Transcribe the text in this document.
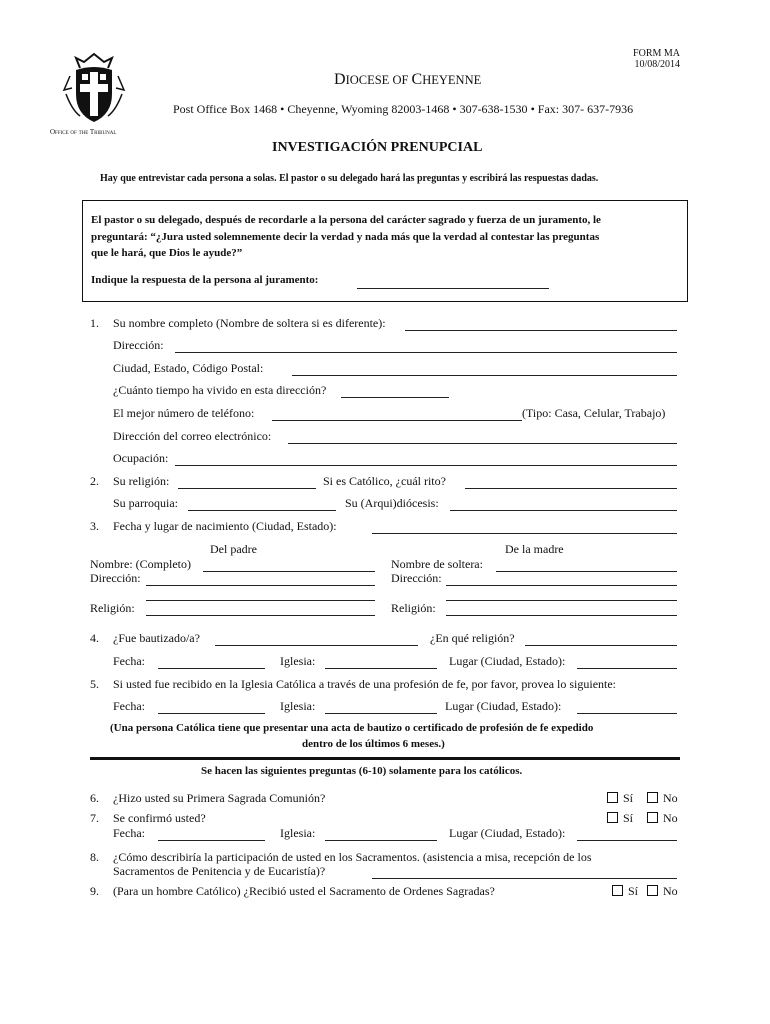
FORM MA
10/08/2014
DIOCESE OF CHEYENNE
Post Office Box 1468 • Cheyenne, Wyoming 82003-1468 • 307-638-1530 • Fax: 307- 637-7936
Office of the Tribunal
INVESTIGACIÓN PRENUPCIAL
Hay que entrevistar cada persona a solas. El pastor o su delegado hará las preguntas y escribirá las respuestas dadas.
El pastor o su delegado, después de recordarle a la persona del carácter sagrado y fuerza de un juramento, le
preguntará: “¿Jura usted solemnemente decir la verdad y nada más que la verdad al contestar las preguntas
que le hará, que Dios le ayude?”
Indique la respuesta de la persona al juramento:
1. Su nombre completo (Nombre de soltera si es diferente):
Dirección:
Ciudad, Estado, Código Postal:
¿Cuánto tiempo ha vivido en esta dirección?
El mejor número de teléfono:	(Tipo: Casa, Celular, Trabajo)
Dirección del correo electrónico:
Ocupación:
2. Su religión:	Si es Católico, ¿cuál rito?
Su parroquia:	Su (Arqui)diócesis:
3. Fecha y lugar de nacimiento (Ciudad, Estado):
Del padre	De la madre
Nombre: (Completo)	Nombre de soltera:
Dirección:	Dirección:
Religión:	Religión:
4. ¿Fue bautizado/a?	¿En qué religión?
Fecha:	Iglesia:	Lugar (Ciudad, Estado):
5. Si usted fue recibido en la Iglesia Católica a través de una profesión de fe, por favor, provea lo siguiente:
Fecha:	Iglesia:	Lugar (Ciudad, Estado):
(Una persona Católica tiene que presentar una acta de bautizo o certificado de profesión de fe expedido
dentro de los últimos 6 meses.)
Se hacen las siguientes preguntas (6-10) solamente para los católicos.
6. ¿Hizo usted su Primera Sagrada Comunión?	Sí	No
7. Se confirmó usted?	Sí	No
Fecha:	Iglesia:	Lugar (Ciudad, Estado):
8. ¿Cómo describiría la participación de usted en los Sacramentos. (asistencia a misa, recepción de los
Sacramentos de Penitencia y de Eucaristía)?
9. (Para un hombre Católico) ¿Recibió usted el Sacramento de Ordenes Sagradas?	Sí	No
